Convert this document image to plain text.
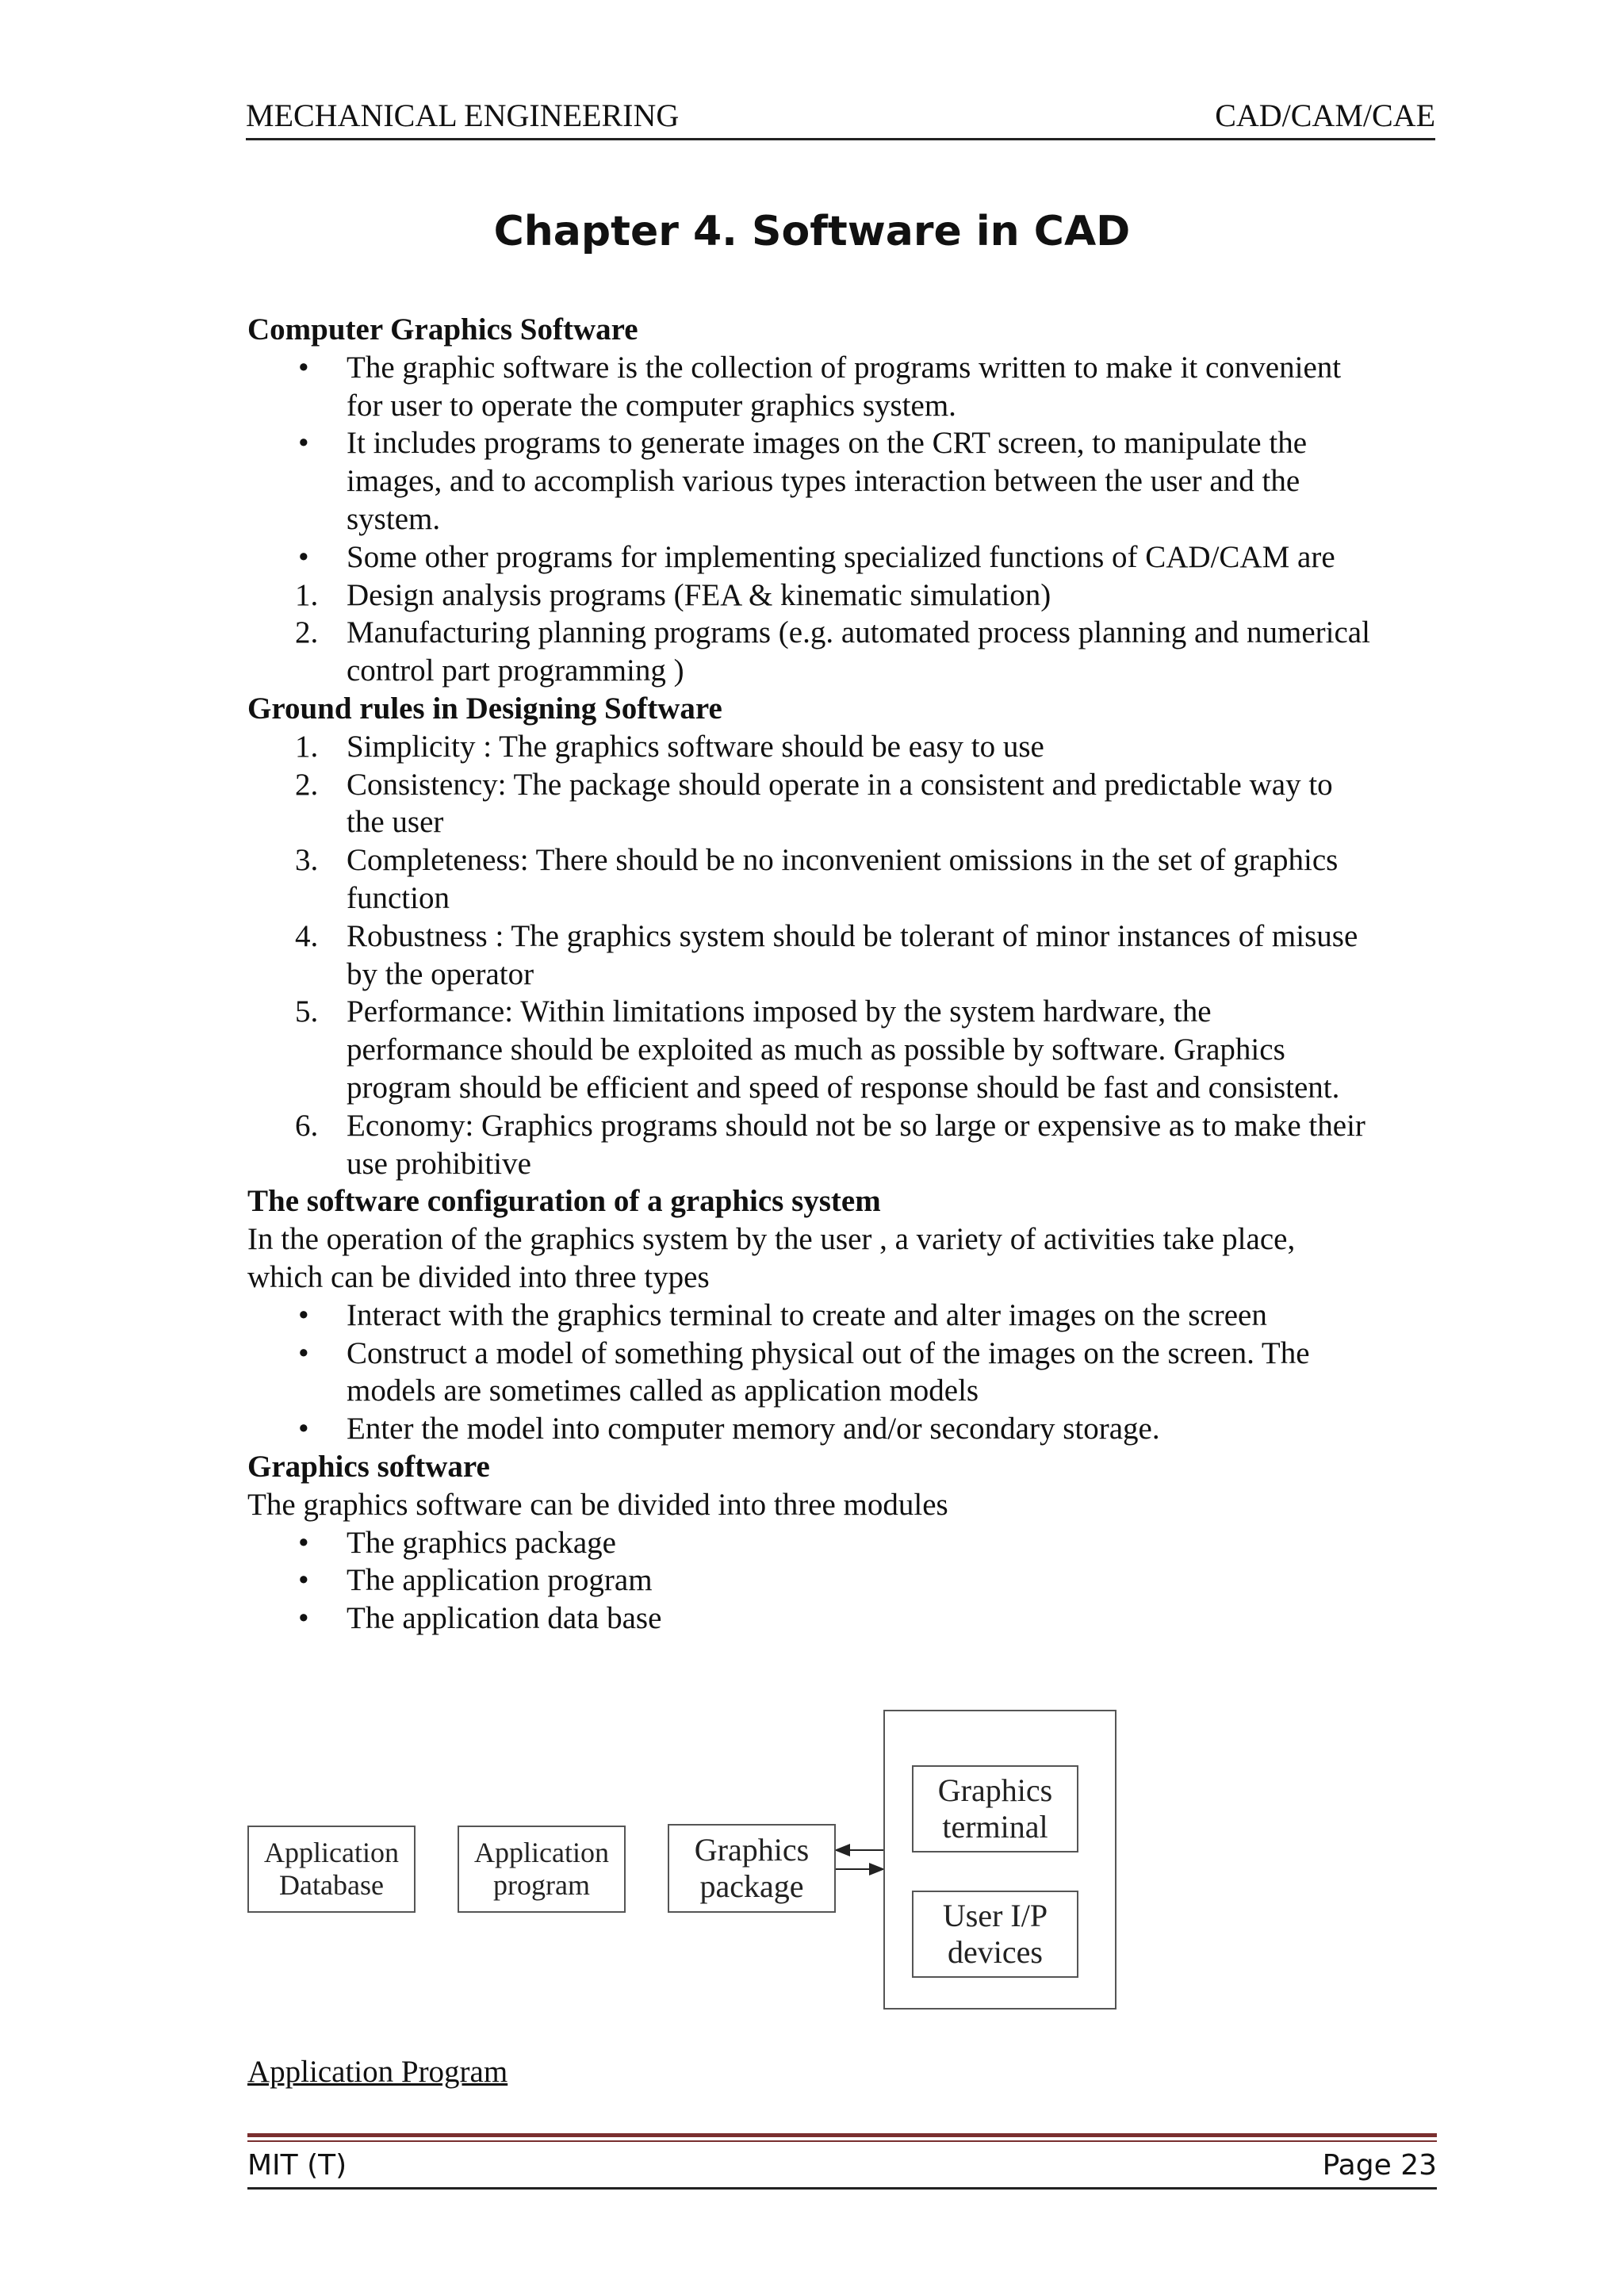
MECHANICAL ENGINEERING	CAD/CAM/CAE
Chapter 4. Software in CAD
Computer Graphics Software
• The graphic software is the collection of programs written to make it convenient for user to operate the computer graphics system.
• It includes programs to generate images on the CRT screen, to manipulate the images, and to accomplish various types interaction between the user and the system.
• Some other programs for implementing specialized functions of CAD/CAM are
1. Design analysis programs (FEA & kinematic simulation)
2. Manufacturing planning programs (e.g. automated process planning and numerical control part programming )
Ground rules in Designing Software
1. Simplicity : The graphics software should be easy to use
2. Consistency: The package should operate in a consistent and predictable way to the user
3. Completeness: There should be no inconvenient omissions in the set of graphics function
4. Robustness : The graphics system should be tolerant of minor instances of misuse by the operator
5. Performance: Within limitations imposed by the system hardware, the performance should be exploited as much as possible by software. Graphics program should be efficient and speed of response should be fast and consistent.
6. Economy: Graphics programs should not be so large or expensive as to make their use prohibitive
The software configuration of a graphics system
In the operation of the graphics system by the user , a variety of activities take place, which can be divided into three types
• Interact with the graphics terminal to create and alter images on the screen
• Construct a model of something physical out of the images on the screen. The models are sometimes called as application models
• Enter the model into computer memory and/or secondary storage.
Graphics software
The graphics software can be divided into three modules
• The graphics package
• The application program
• The application data base
Application
Database
Application
program
Graphics
package
Graphics
terminal
User I/P
devices
Application Program
MIT (T)	Page 23
